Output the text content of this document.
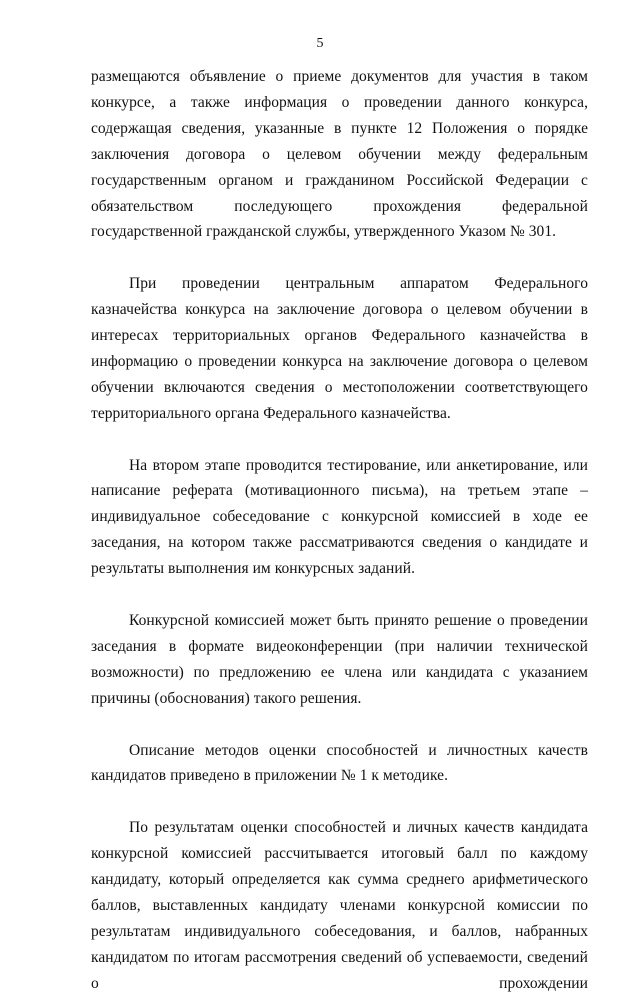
5

размещаются объявление о приеме документов для участия в таком конкурсе, а также информация о проведении данного конкурса, содержащая сведения, указанные в пункте 12 Положения о порядке заключения договора о целевом обучении между федеральным государственным органом и гражданином Российской Федерации с обязательством последующего прохождения федеральной государственной гражданской службы, утвержденного Указом № 301.

При проведении центральным аппаратом Федерального казначейства конкурса на заключение договора о целевом обучении в интересах территориальных органов Федерального казначейства в информацию о проведении конкурса на заключение договора о целевом обучении включаются сведения о местоположении соответствующего территориального органа Федерального казначейства.

На втором этапе проводится тестирование, или анкетирование, или написание реферата (мотивационного письма), на третьем этапе – индивидуальное собеседование с конкурсной комиссией в ходе ее заседания, на котором также рассматриваются сведения о кандидате и результаты выполнения им конкурсных заданий.

Конкурсной комиссией может быть принято решение о проведении заседания в формате видеоконференции (при наличии технической возможности) по предложению ее члена или кандидата с указанием причины (обоснования) такого решения.

Описание методов оценки способностей и личностных качеств кандидатов приведено в приложении № 1 к методике.

По результатам оценки способностей и личных качеств кандидата конкурсной комиссией рассчитывается итоговый балл по каждому кандидату, который определяется как сумма среднего арифметического баллов, выставленных кандидату членами конкурсной комиссии по результатам индивидуального собеседования, и баллов, набранных кандидатом по итогам рассмотрения сведений об успеваемости, сведений о прохождении
